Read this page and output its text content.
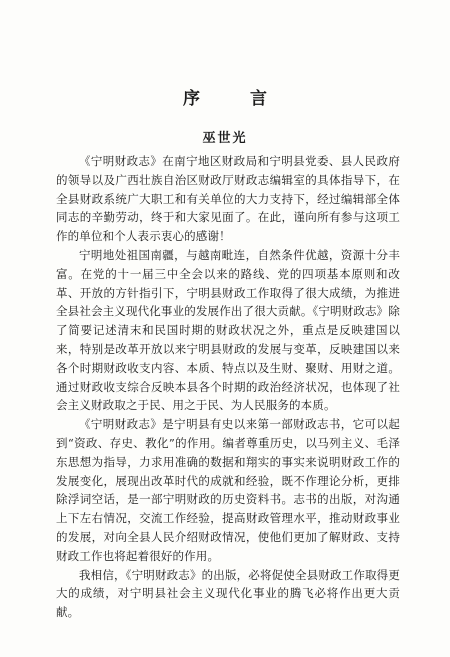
序 言
巫世光

《宁明财政志》在南宁地区财政局和宁明县党委、县人民政府的领导以及广西壮族自治区财政厅财政志编辑室的具体指导下，在全县财政系统广大职工和有关单位的大力支持下，经过编辑部全体同志的辛勤劳动，终于和大家见面了。在此，谨向所有参与这项工作的单位和个人表示衷心的感谢！

宁明地处祖国南疆，与越南毗连，自然条件优越，资源十分丰富。在党的十一届三中全会以来的路线、党的四项基本原则和改革、开放的方针指引下，宁明县财政工作取得了很大成绩，为推进全县社会主义现代化事业的发展作出了很大贡献。《宁明财政志》除了简要记述清末和民国时期的财政状况之外，重点是反映建国以来，特别是改革开放以来宁明县财政的发展与变革，反映建国以来各个时期财政收支内容、本质、特点以及生财、聚财、用财之道。通过财政收支综合反映本县各个时期的政治经济状况，也体现了社会主义财政取之于民、用之于民、为人民服务的本质。

《宁明财政志》是宁明县有史以来第一部财政志书，它可以起到“资政、存史、教化”的作用。编者尊重历史，以马列主义、毛泽东思想为指导，力求用准确的数据和翔实的事实来说明财政工作的发展变化，展现出改革时代的成就和经验，既不作理论分析，更排除浮词空话，是一部宁明财政的历史资料书。志书的出版，对沟通上下左右情况，交流工作经验，提高财政管理水平，推动财政事业的发展，对向全县人民介绍财政情况，使他们更加了解财政、支持财政工作也将起着很好的作用。

我相信，《宁明财政志》的出版，必将促使全县财政工作取得更大的成绩，对宁明县社会主义现代化事业的腾飞必将作出更大贡献。
